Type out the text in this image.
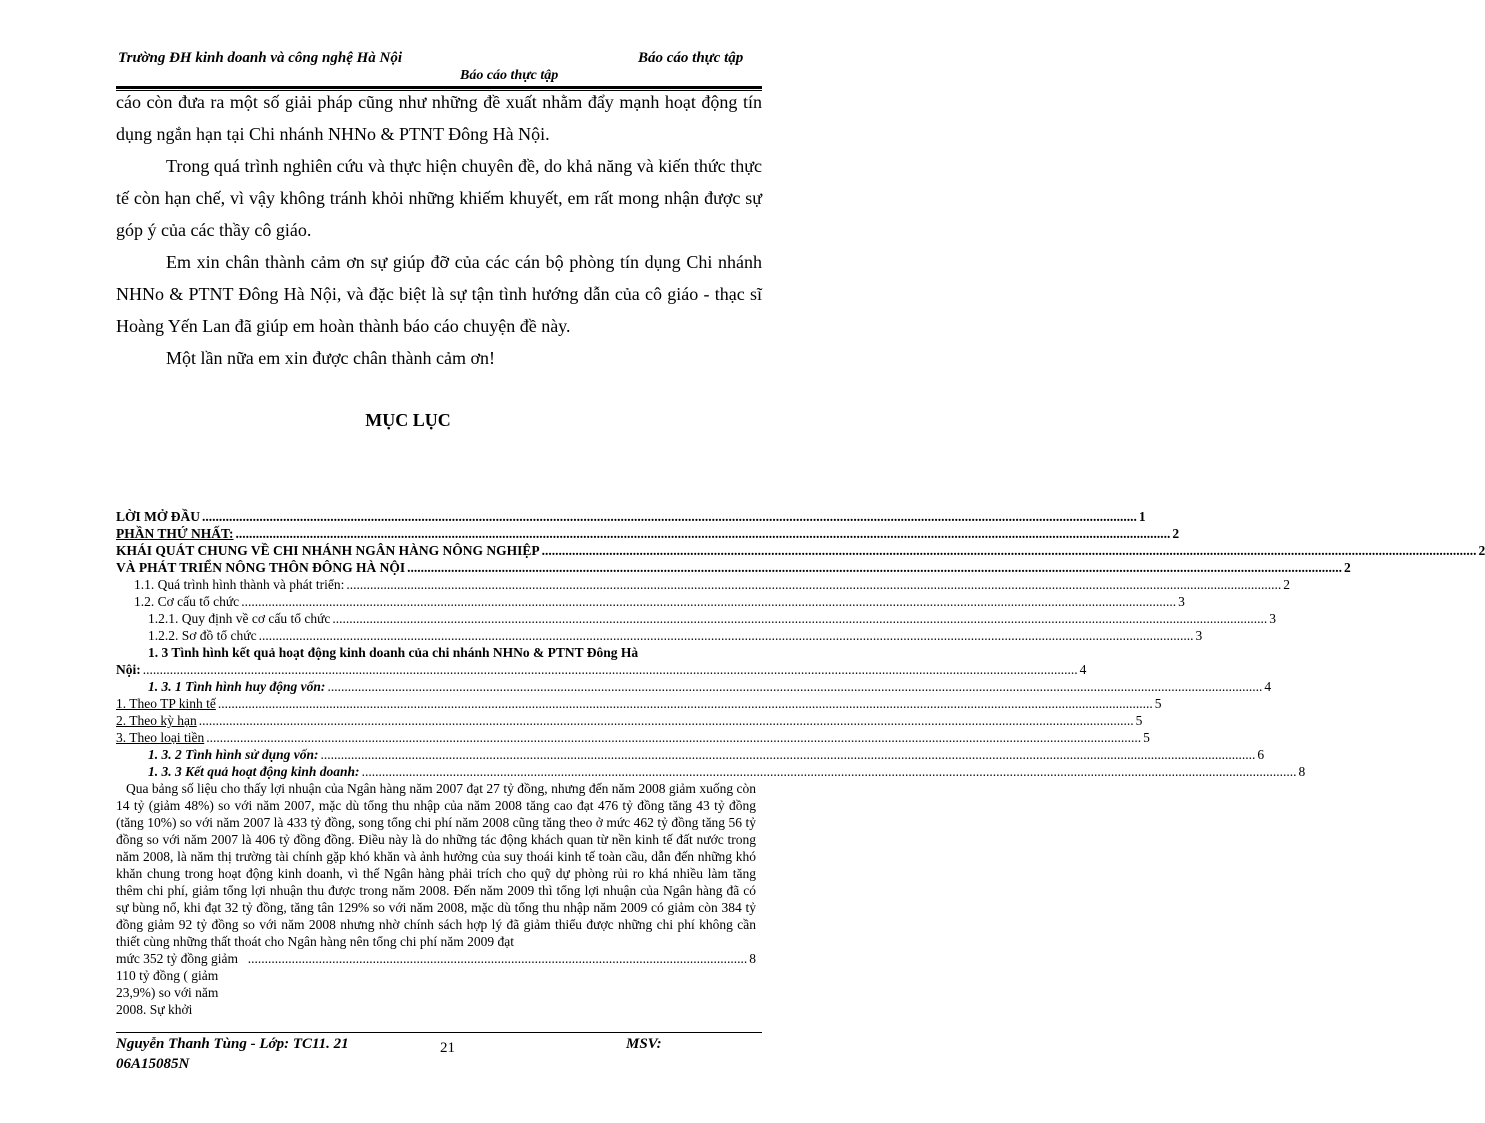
Trường ĐH kinh doanh và công nghệ Hà Nội	Báo cáo thực tập
Báo cáo thực tập

cáo còn đưa ra một số giải pháp cũng như những đề xuất nhằm đẩy mạnh hoạt động tín dụng ngắn hạn tại Chi nhánh NHNo & PTNT Đông Hà Nội.

Trong quá trình nghiên cứu và thực hiện chuyên đề, do khả năng và kiến thức thực tế còn hạn chế, vì vậy không tránh khỏi những khiếm khuyết, em rất mong nhận được sự góp ý của các thầy cô giáo.

Em xin chân thành cảm ơn sự giúp đỡ của các cán bộ phòng tín dụng Chi nhánh NHNo & PTNT Đông Hà Nội, và đặc biệt là sự tận tình hướng dẫn của cô giáo - thạc sĩ Hoàng Yến Lan đã giúp em hoàn thành báo cáo chuyện đề này.

Một lần nữa em xin được chân thành cảm ơn!

MỤC LỤC
LỜI MỞ ĐẦU .....	1
PHẦN THỨ NHẤT: .....	2
KHÁI QUÁT CHUNG VỀ CHI NHÁNH NGÂN HÀNG NÔNG NGHIỆP .....	2
VÀ PHÁT TRIỂN NÔNG THÔN ĐÔNG HÀ NỘI .....	2
1.1. Quá trình hình thành và phát triển: .....	2
1.2. Cơ cấu tổ chức .....	3
1.2.1. Quy định về cơ cấu tổ chức .....	3
1.2.2. Sơ đồ tổ chức .....	3
1. 3 Tình hình kết quả hoạt động kinh doanh của chi nhánh NHNo & PTNT Đông Hà
Nội: .....	4
1. 3. 1 Tình hình huy động vốn: .....	4
1. Theo TP kinh tế .....	5
2. Theo kỳ hạn .....	5
3. Theo loại tiền .....	5
1. 3. 2 Tình hình sử dụng vốn: .....	6
1. 3. 3 Kết quả hoạt động kinh doanh: .....	8

Qua bảng số liệu cho thấy lợi nhuận của Ngân hàng năm 2007 đạt 27 tỷ đồng, nhưng đến năm 2008 giảm xuống còn 14 tỷ (giảm 48%) so với năm 2007, mặc dù tổng thu nhập của năm 2008 tăng cao đạt 476 tỷ đồng tăng 43 tỷ đồng (tăng 10%) so với năm 2007 là 433 tỷ đồng, song tổng chi phí năm 2008 cũng tăng theo ở mức 462 tỷ đồng tăng 56 tỷ đồng so với năm 2007 là 406 tỷ đồng đồng. Điều này là do những tác động khách quan từ nền kinh tế đất nước trong năm 2008, là năm thị trường tài chính gặp khó khăn và ảnh hưởng của suy thoái kinh tế toàn cầu, dẫn đến những khó khăn chung trong hoạt động kinh doanh, vì thế Ngân hàng phải trích cho quỹ dự phòng rủi ro khá nhiều làm tăng thêm chi phí, giảm tổng lợi nhuận thu được trong năm 2008. Đến năm 2009 thì tổng lợi nhuận của Ngân hàng đã có sự bùng nổ, khi đạt 32 tỷ đồng, tăng tân 129% so với năm 2008, mặc dù tổng thu nhập năm 2009 có giảm còn 384 tỷ đồng giảm 92 tỷ đồng so với năm 2008 nhưng nhờ chính sách hợp lý đã giảm thiểu được những chi phí không cần thiết cùng những thất thoát cho Ngân hàng nên tổng chi phí năm 2009 đạt

mức 352 tỷ đồng giảm 110 tỷ đồng ( giảm 23,9%) so với năm 2008. Sự khởi
.................................................................................................................................................... 8
Nguyễn Thanh Tùng - Lớp: TC11. 21	21	MSV:
06A15085N
